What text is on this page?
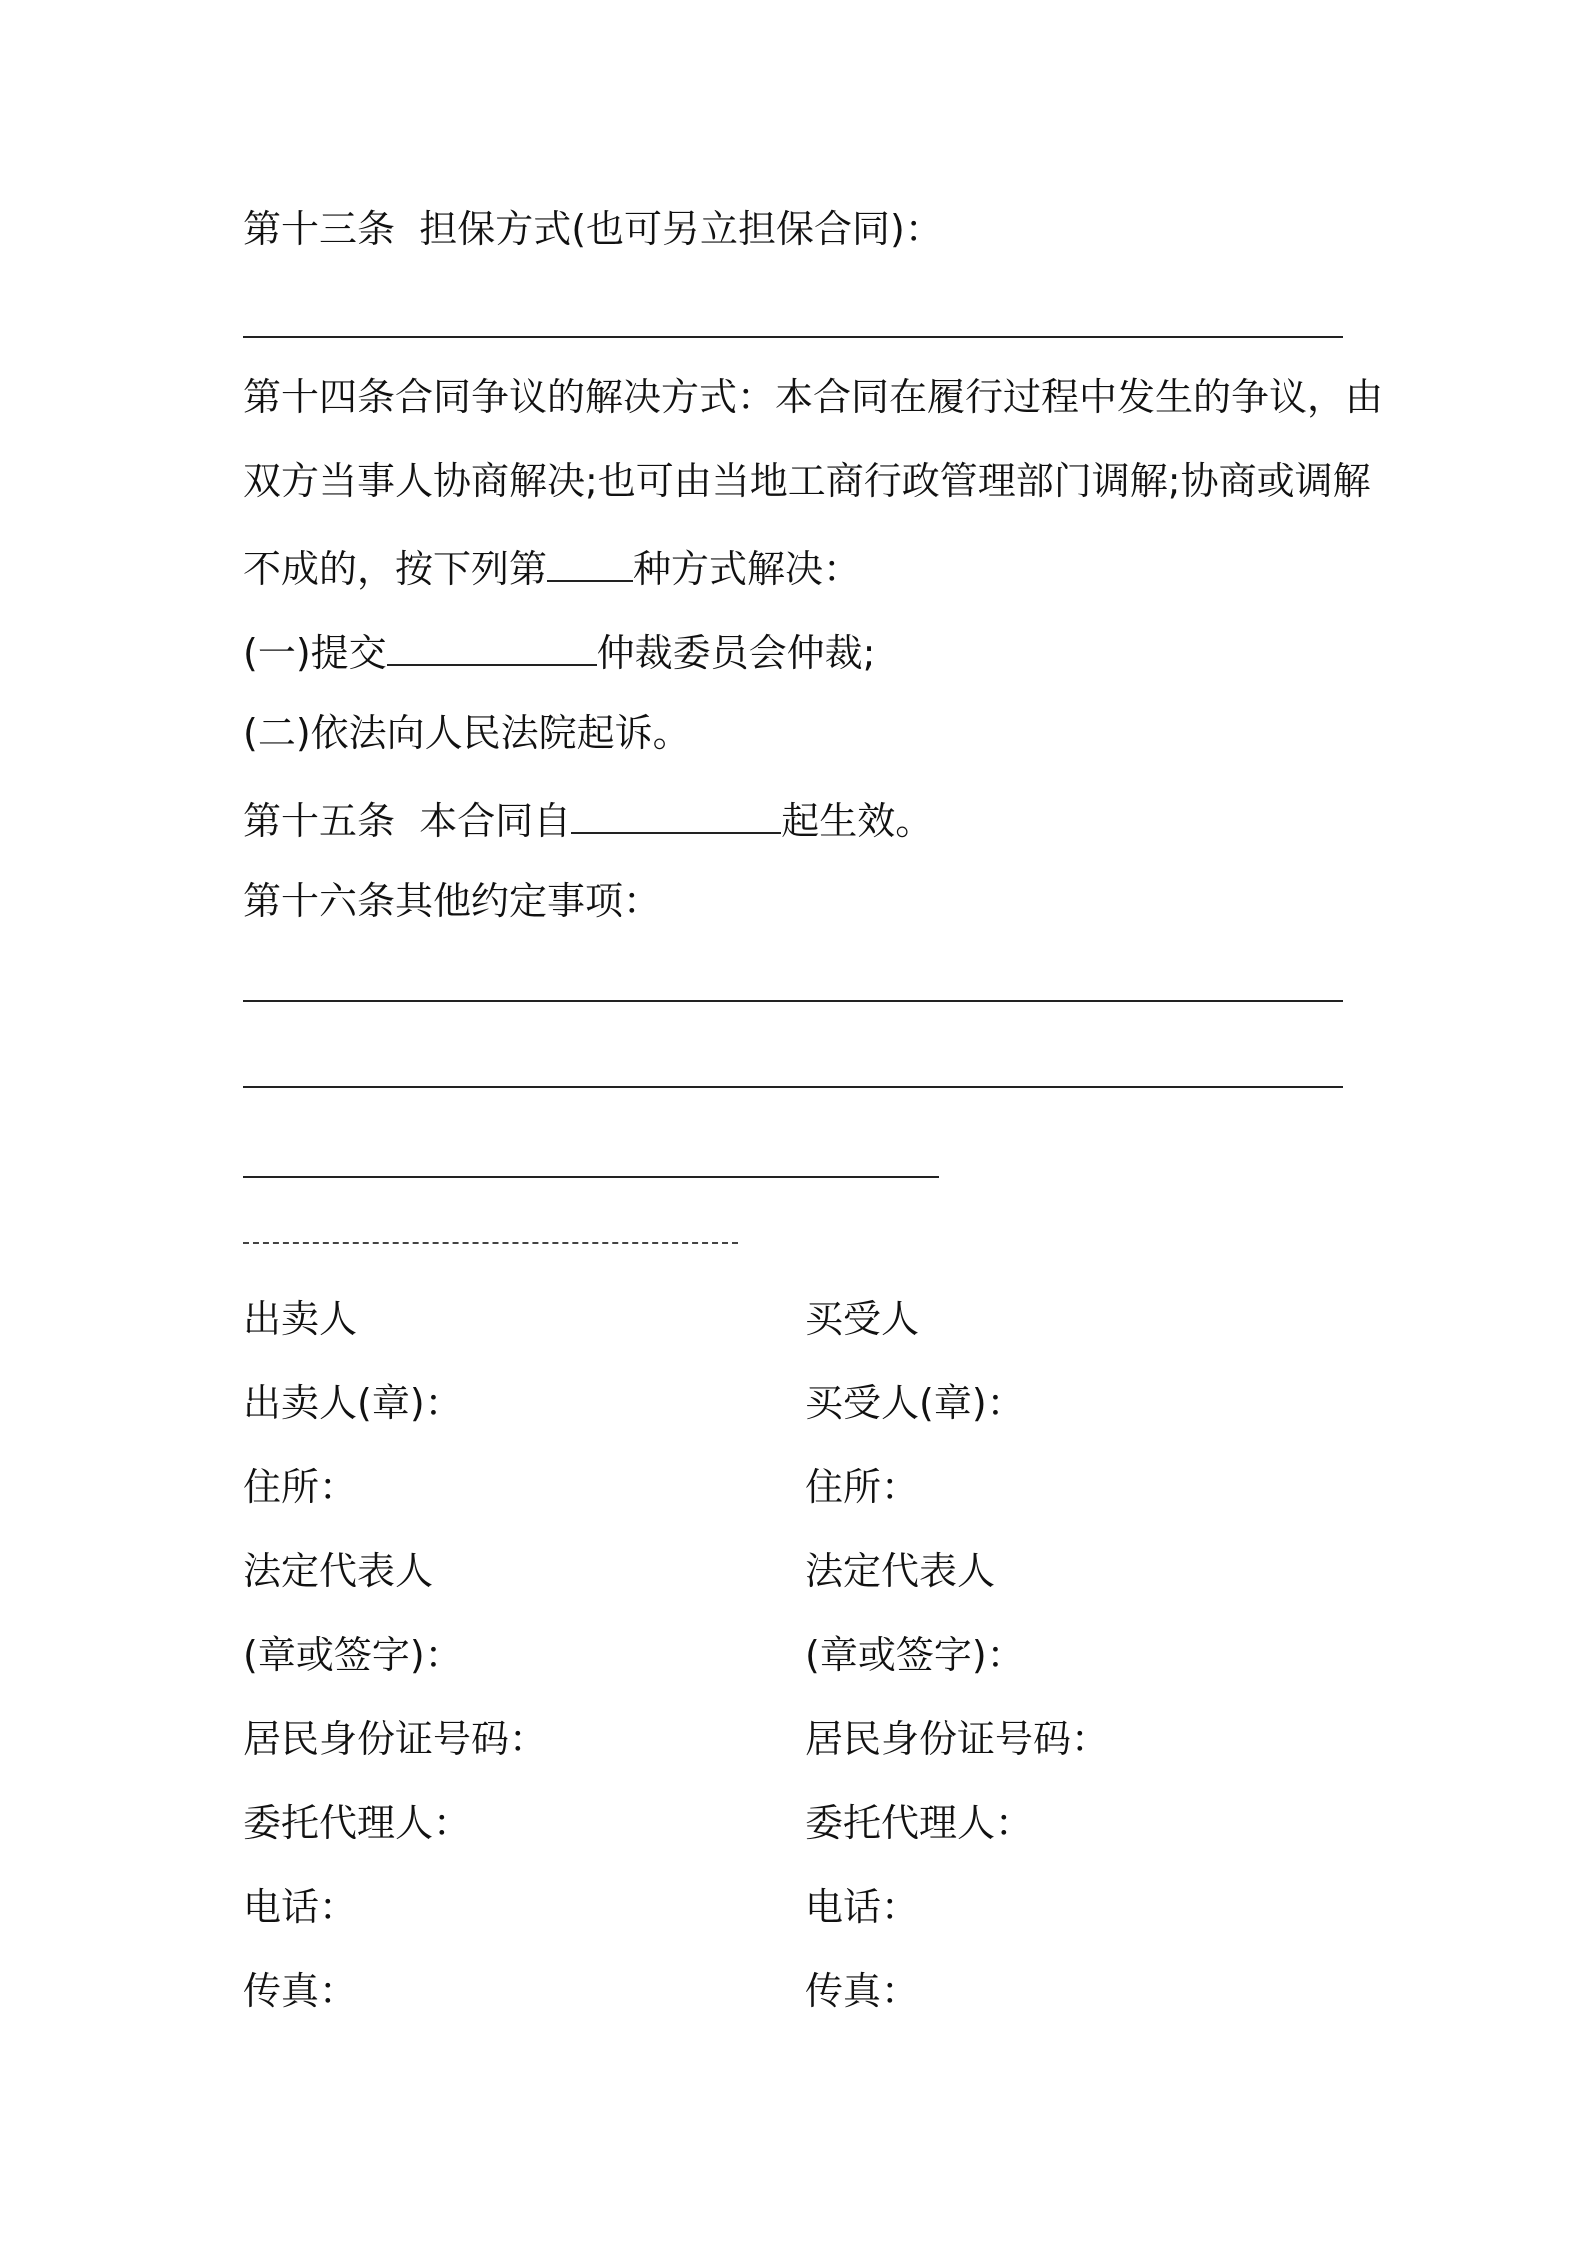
第十三条 担保方式(也可另立担保合同)：
第十四条合同争议的解决方式：本合同在履行过程中发生的争议，由
双方当事人协商解决;也可由当地工商行政管理部门调解;协商或调解
不成的，按下列第 种方式解决：
(一)提交	仲裁委员会仲裁;
(二)依法向人民法院起诉。
第十五条 本合同自	起生效。
第十六条其他约定事项：
出卖人
出卖人(章)：
住所：
法定代表人
(章或签字)：
居民身份证号码：
委托代理人：
电话：
传真：
买受人
买受人(章)：
住所：
法定代表人
(章或签字)：
居民身份证号码：
委托代理人：
电话：
传真：
